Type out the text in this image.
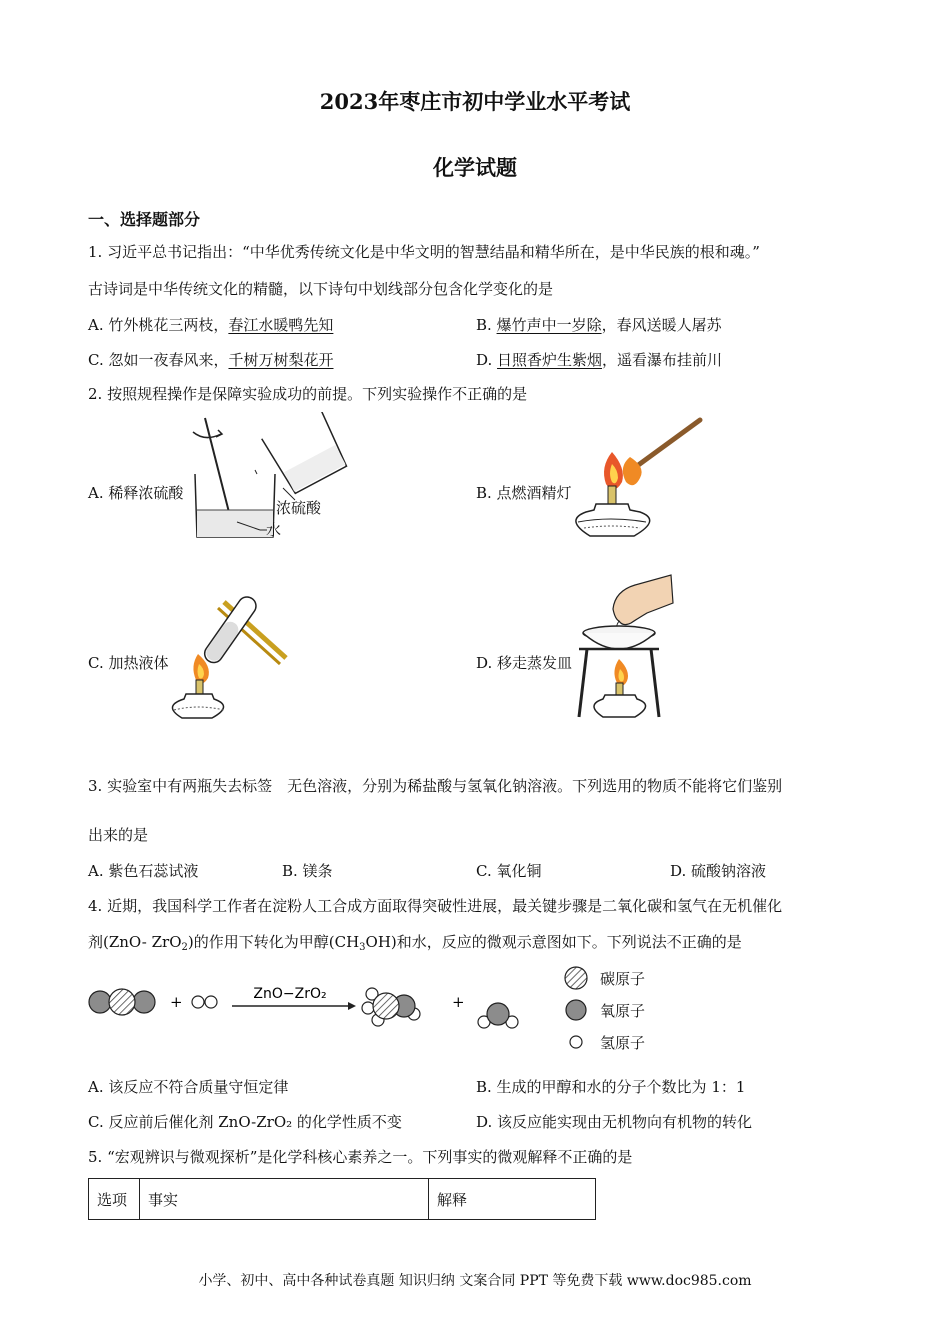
2023年枣庄市初中学业水平考试
化学试题
一、选择题部分
1. 习近平总书记指出：“中华优秀传统文化是中华文明的智慧结晶和精华所在，是中华民族的根和魂。”
古诗词是中华传统文化的精髓，以下诗句中划线部分包含化学变化的是
A. 竹外桃花三两枝，春江水暖鸭先知	B. 爆竹声中一岁除，春风送暖人屠苏
C. 忽如一夜春风来，千树万树梨花开	D. 日照香炉生紫烟，遥看瀑布挂前川
2. 按照规程操作是保障实验成功的前提。下列实验操作不正确的是
A. 稀释浓硫酸
浓硫酸
水
B. 点燃酒精灯
C. 加热液体	D. 移走蒸发皿
3. 实验室中有两瓶失去标签　无色溶液，分别为稀盐酸与氢氧化钠溶液。下列选用的物质不能将它们鉴别
出来的是
A. 紫色石蕊试液	B. 镁条	C. 氧化铜	D. 硫酸钠溶液
4. 近期，我国科学工作者在淀粉人工合成方面取得突破性进展，最关键步骤是二氧化碳和氢气在无机催化
剂(ZnO- ZrO$_2$)的作用下转化为甲醇$(CH_3OH)$和水，反应的微观示意图如下。下列说法不正确的是
+	ZnO−ZrO₂	+
碳原子
氧原子
氢原子
A. 该反应不符合质量守恒定律	B. 生成的甲醇和水的分子个数比为 1：1
C. 反应前后催化剂 ZnO-ZrO₂ 的化学性质不变	D. 该反应能实现由无机物向有机物的转化
5. “宏观辨识与微观探析”是化学科核心素养之一。下列事实的微观解释不正确的是
选项	事实	解释
小学、初中、高中各种试卷真题 知识归纳 文案合同 PPT 等免费下载 www.doc985.com
